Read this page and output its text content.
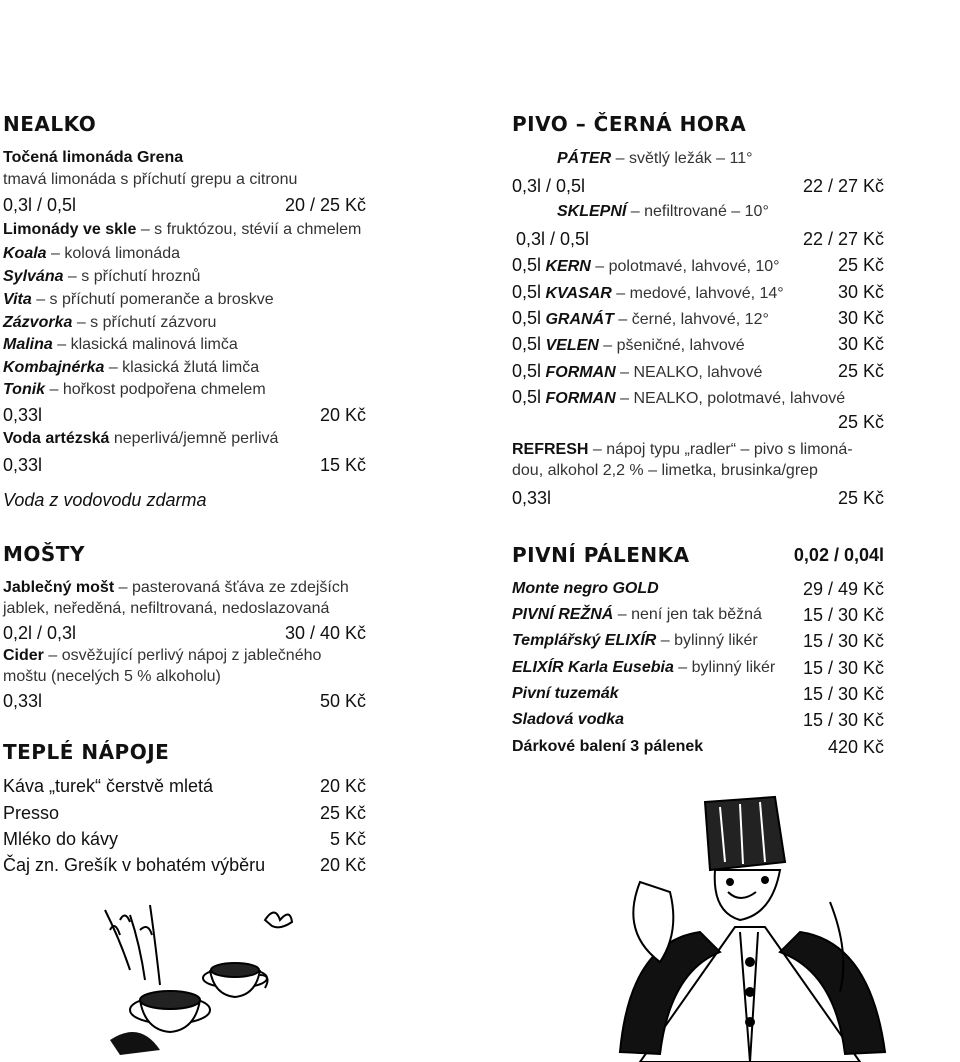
NEALKO
Točená limonáda Grena
tmavá limonáda s příchutí grepu a citronu
0,3l / 0,5l	20 / 25 Kč
Limonády ve skle – s fruktózou, stévií a chmelem
Koala – kolová limonáda
Sylvána – s příchutí hroznů
Vita – s příchutí pomeranče a broskve
Zázvorka – s příchutí zázvoru
Malina – klasická malinová limča
Kombajnérka – klasická žlutá limča
Tonik – hořkost podpořena chmelem
0,33l	20 Kč
Voda artézská neperlivá/jemně perlivá
0,33l	15 Kč
Voda z vodovodu zdarma
MOŠTY
Jablečný mošt – pasterovaná šťáva ze zdejších
jablek, neředěná, nefiltrovaná, nedoslazovaná
0,2l / 0,3l	30 / 40 Kč
Cider – osvěžující perlivý nápoj z jablečného
moštu (necelých 5 % alkoholu)
0,33l	50 Kč
TEPLÉ NÁPOJE
Káva „turek“ čerstvě mletá	20 Kč
Presso	25 Kč
Mléko do kávy	5 Kč
Čaj zn. Grešík v bohatém výběru	20 Kč
PIVO – ČERNÁ HORA
PÁTER – světlý ležák – 11°
0,3l / 0,5l	22 / 27 Kč
SKLEPNÍ – nefiltrované – 10°
0,3l / 0,5l	22 / 27 Kč
0,5l KERN – polotmavé, lahvové, 10°	25 Kč
0,5l KVASAR – medové, lahvové, 14°	30 Kč
0,5l GRANÁT – černé, lahvové, 12°	30 Kč
0,5l VELEN – pšeničné, lahvové	30 Kč
0,5l FORMAN – NEALKO, lahvové	25 Kč
0,5l FORMAN – NEALKO, polotmavé, lahvové
25 Kč
REFRESH – nápoj typu „radler“ – pivo s limoná-
dou, alkohol 2,2 % – limetka, brusinka/grep
0,33l	25 Kč
PIVNÍ PÁLENKA	0,02 / 0,04l
Monte negro GOLD	29 / 49 Kč
PIVNÍ REŽNÁ – není jen tak běžná 15 / 30 Kč
Templářský ELIXÍR – bylinný likér	15 / 30 Kč
ELIXÍR Karla Eusebia – bylinný likér 15 / 30 Kč
Pivní tuzemák	15 / 30 Kč
Sladová vodka	15 / 30 Kč
Dárkové balení 3 pálenek	420 Kč
